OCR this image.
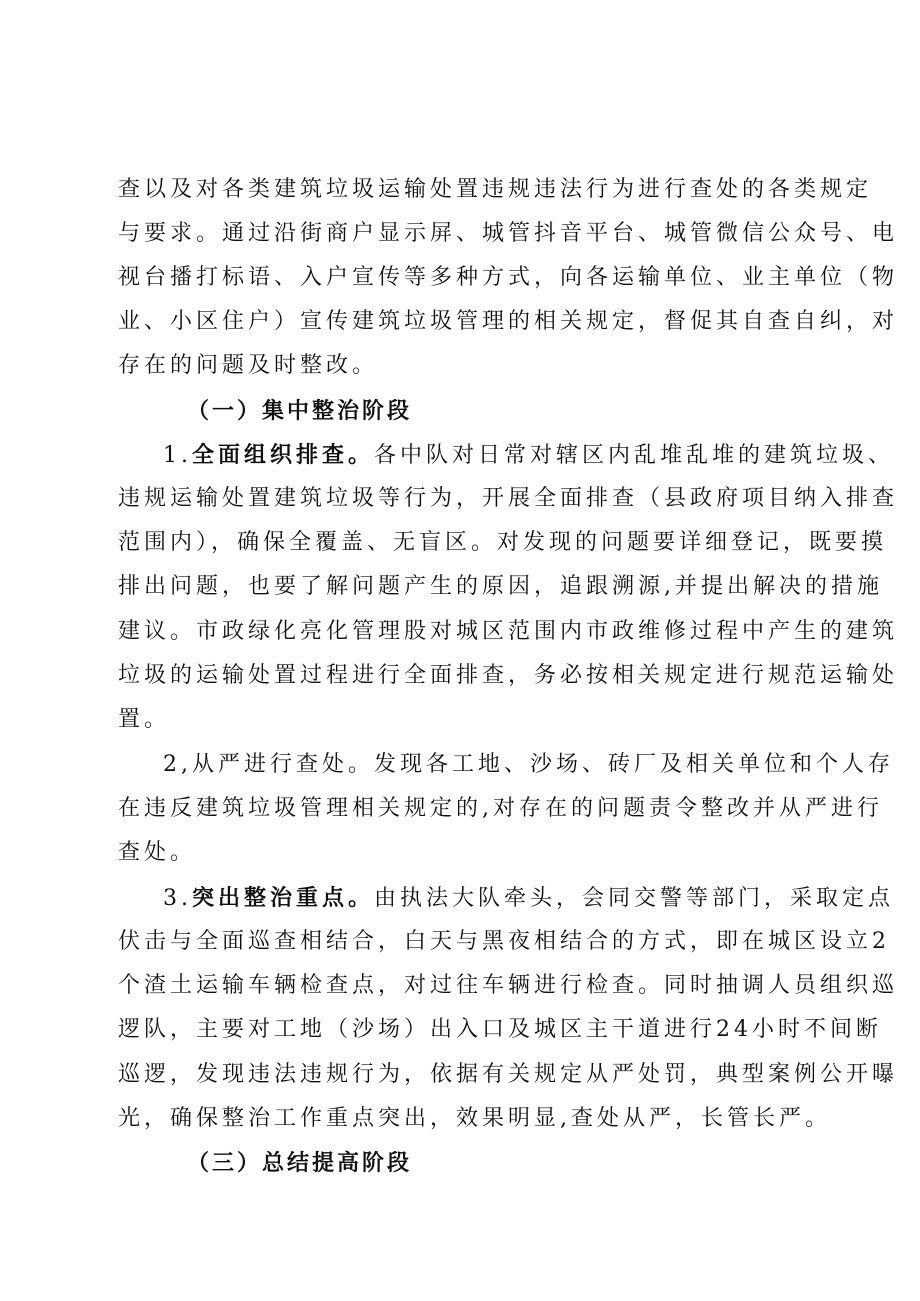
查以及对各类建筑垃圾运输处置违规违法行为进行查处的各类规定
与要求。通过沿街商户显示屏、城管抖音平台、城管微信公众号、电
视台播打标语、入户宣传等多种方式，向各运输单位、业主单位（物
业、小区住户）宣传建筑垃圾管理的相关规定，督促其自查自纠，对
存在的问题及时整改。
（一）集中整治阶段
1.全面组织排查。各中队对日常对辖区内乱堆乱堆的建筑垃圾、
违规运输处置建筑垃圾等行为，开展全面排查（县政府项目纳入排查
范围内），确保全覆盖、无盲区。对发现的问题要详细登记，既要摸
排出问题，也要了解问题产生的原因，追跟溯源,并提出解决的措施
建议。市政绿化亮化管理股对城区范围内市政维修过程中产生的建筑
垃圾的运输处置过程进行全面排查，务必按相关规定进行规范运输处
置。
2,从严进行查处。发现各工地、沙场、砖厂及相关单位和个人存
在违反建筑垃圾管理相关规定的,对存在的问题责令整改并从严进行
查处。
3.突出整治重点。由执法大队牵头，会同交警等部门，采取定点
伏击与全面巡查相结合，白天与黑夜相结合的方式，即在城区设立2
个渣土运输车辆检查点，对过往车辆进行检查。同时抽调人员组织巡
逻队，主要对工地（沙场）出入口及城区主干道进行24小时不间断
巡逻，发现违法违规行为，依据有关规定从严处罚，典型案例公开曝
光，确保整治工作重点突出，效果明显,查处从严，长管长严。
（三）总结提高阶段
